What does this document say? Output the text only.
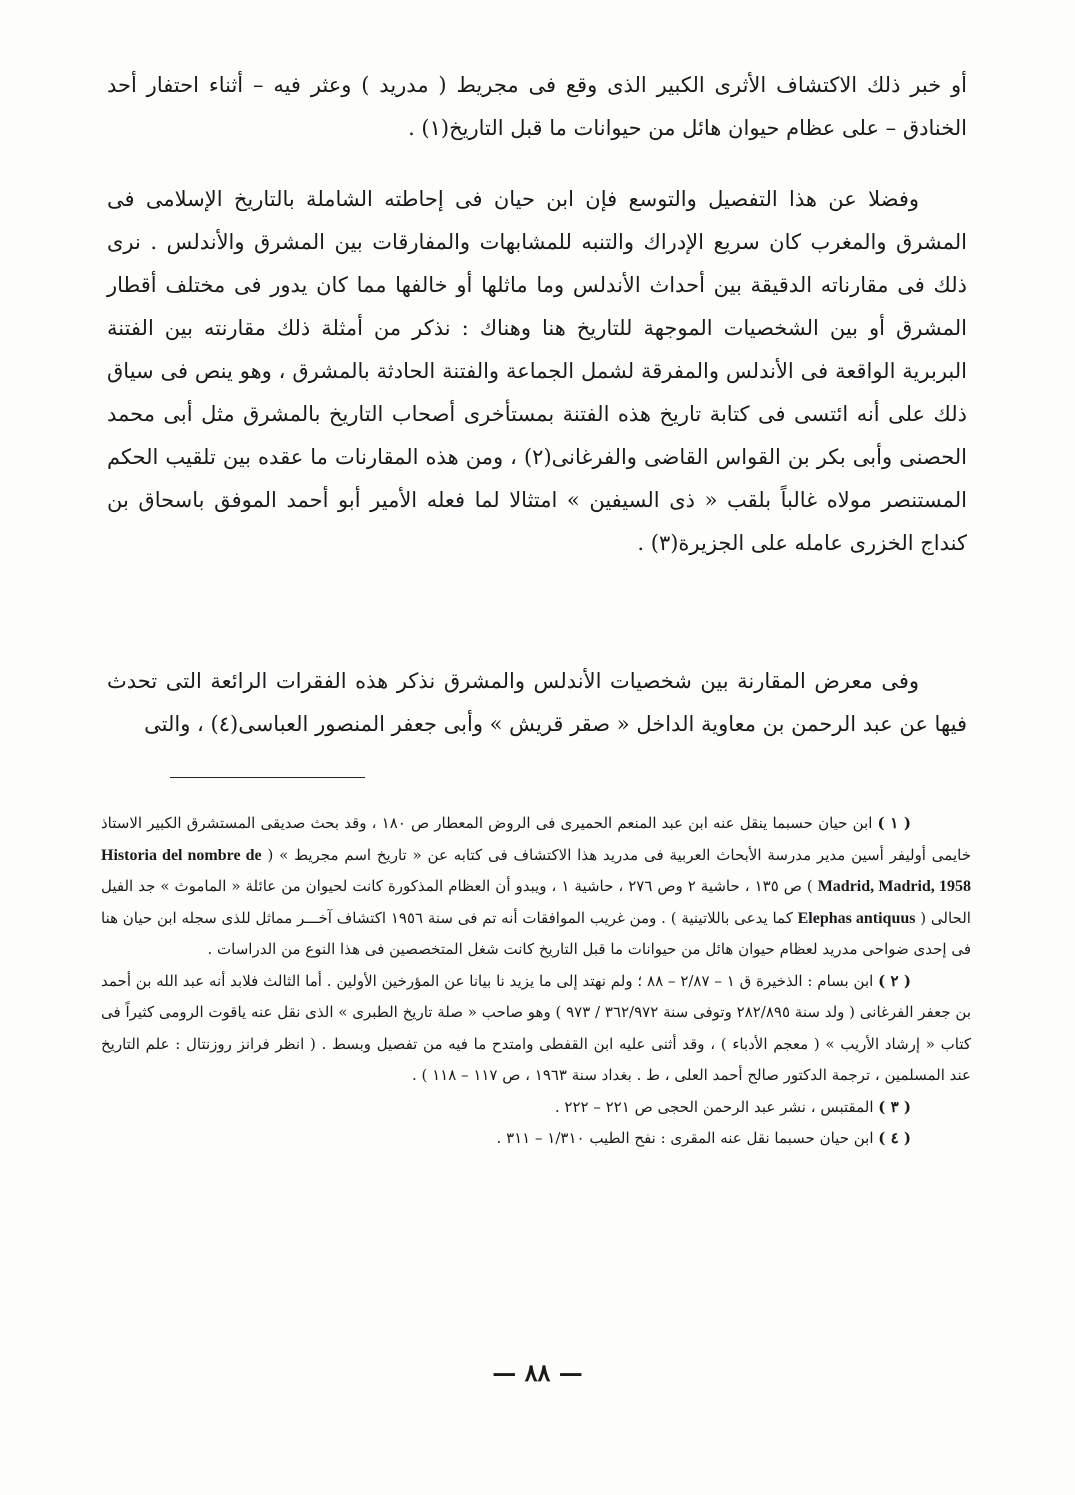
أو خبر ذلك الاكتشاف الأثرى الكبير الذى وقع فى مجريط ( مدريد ) وعثر فيه – أثناء احتفار أحد الخنادق – على عظام حيوان هائل من حيوانات ما قبل التاريخ(١) .

وفضلا عن هذا التفصيل والتوسع فإن ابن حيان فى إحاطته الشاملة بالتاريخ الإسلامى فى المشرق والمغرب كان سريع الإدراك والتنبه للمشابهات والمفارقات بين المشرق والأندلس . نرى ذلك فى مقارناته الدقيقة بين أحداث الأندلس وما ماثلها أو خالفها مما كان يدور فى مختلف أقطار المشرق أو بين الشخصيات الموجهة للتاريخ هنا وهناك : نذكر من أمثلة ذلك مقارنته بين الفتنة البربرية الواقعة فى الأندلس والمفرقة لشمل الجماعة والفتنة الحادثة بالمشرق ، وهو ينص فى سياق ذلك على أنه ائتسى فى كتابة تاريخ هذه الفتنة بمستأخرى أصحاب التاريخ بالمشرق مثل أبى محمد الحصنى وأبى بكر بن القواس القاضى والفرغانى(٢) ، ومن هذه المقارنات ما عقده بين تلقيب الحكم المستنصر مولاه غالباً بلقب « ذى السيفين » امتثالا لما فعله الأمير أبو أحمد الموفق باسحاق بن كنداج الخزرى عامله على الجزيرة(٣) .

وفى معرض المقارنة بين شخصيات الأندلس والمشرق نذكر هذه الفقرات الرائعة التى تحدث فيها عن عبد الرحمن بن معاوية الداخل « صقر قريش » وأبى جعفر المنصور العباسى(٤) ، والتى

( ١ ) ابن حيان حسبما ينقل عنه ابن عبد المنعم الحميرى فى الروض المعطار ص ١٨٠ ، وقد بحث صديقى المستشرق الكبير الاستاذ خايمى أوليفر أسين مدير مدرسة الأبحاث العربية فى مدريد هذا الاكتشاف فى كتابه عن « تاريخ اسم مجريط » ( Historia del nombre de Madrid, Madrid, 1958 ) ص ١٣٥ ، حاشية ٢ وص ٢٧٦ ، حاشية ١ ، ويبدو أن العظام المذكورة كانت لحيوان من عائلة « الماموث » جد الفيل الحالى ( Elephas antiquus كما يدعى باللاتينية ) . ومن غريب الموافقات أنه تم فى سنة ١٩٥٦ اكتشاف آخـــر مماثل للذى سجله ابن حيان هنا فى إحدى ضواحى مدريد لعظام حيوان هائل من حيوانات ما قبل التاريخ كانت شغل المتخصصين فى هذا النوع من الدراسات .

( ٢ ) ابن بسام : الذخيرة ق ١ – ٢/٨٧ – ٨٨ ؛ ولم نهتد إلى ما يزيد نا بيانا عن المؤرخين الأولين . أما الثالث فلابد أنه عبد الله بن أحمد بن جعفر الفرغانى ( ولد سنة ٢٨٢/٨٩٥ وتوفى سنة ٣٦٢/٩٧٢ / ٩٧٣ ) وهو صاحب « صلة تاريخ الطبرى » الذى نقل عنه ياقوت الرومى كثيراً فى كتاب « إرشاد الأريب » ( معجم الأدباء ) ، وقد أثنى عليه ابن القفطى وامتدح ما فيه من تفصيل وبسط . ( انظر فرانز روزنتال : علم التاريخ عند المسلمين ، ترجمة الدكتور صالح أحمد العلى ، ط . بغداد سنة ١٩٦٣ ، ص ١١٧ – ١١٨ ) .

( ٣ ) المقتبس ، نشر عبد الرحمن الحجى ص ٢٢١ – ٢٢٢ .

( ٤ ) ابن حيان حسبما نقل عنه المقرى : نفح الطيب ١/٣١٠ – ٣١١ .

— ٨٨ —
